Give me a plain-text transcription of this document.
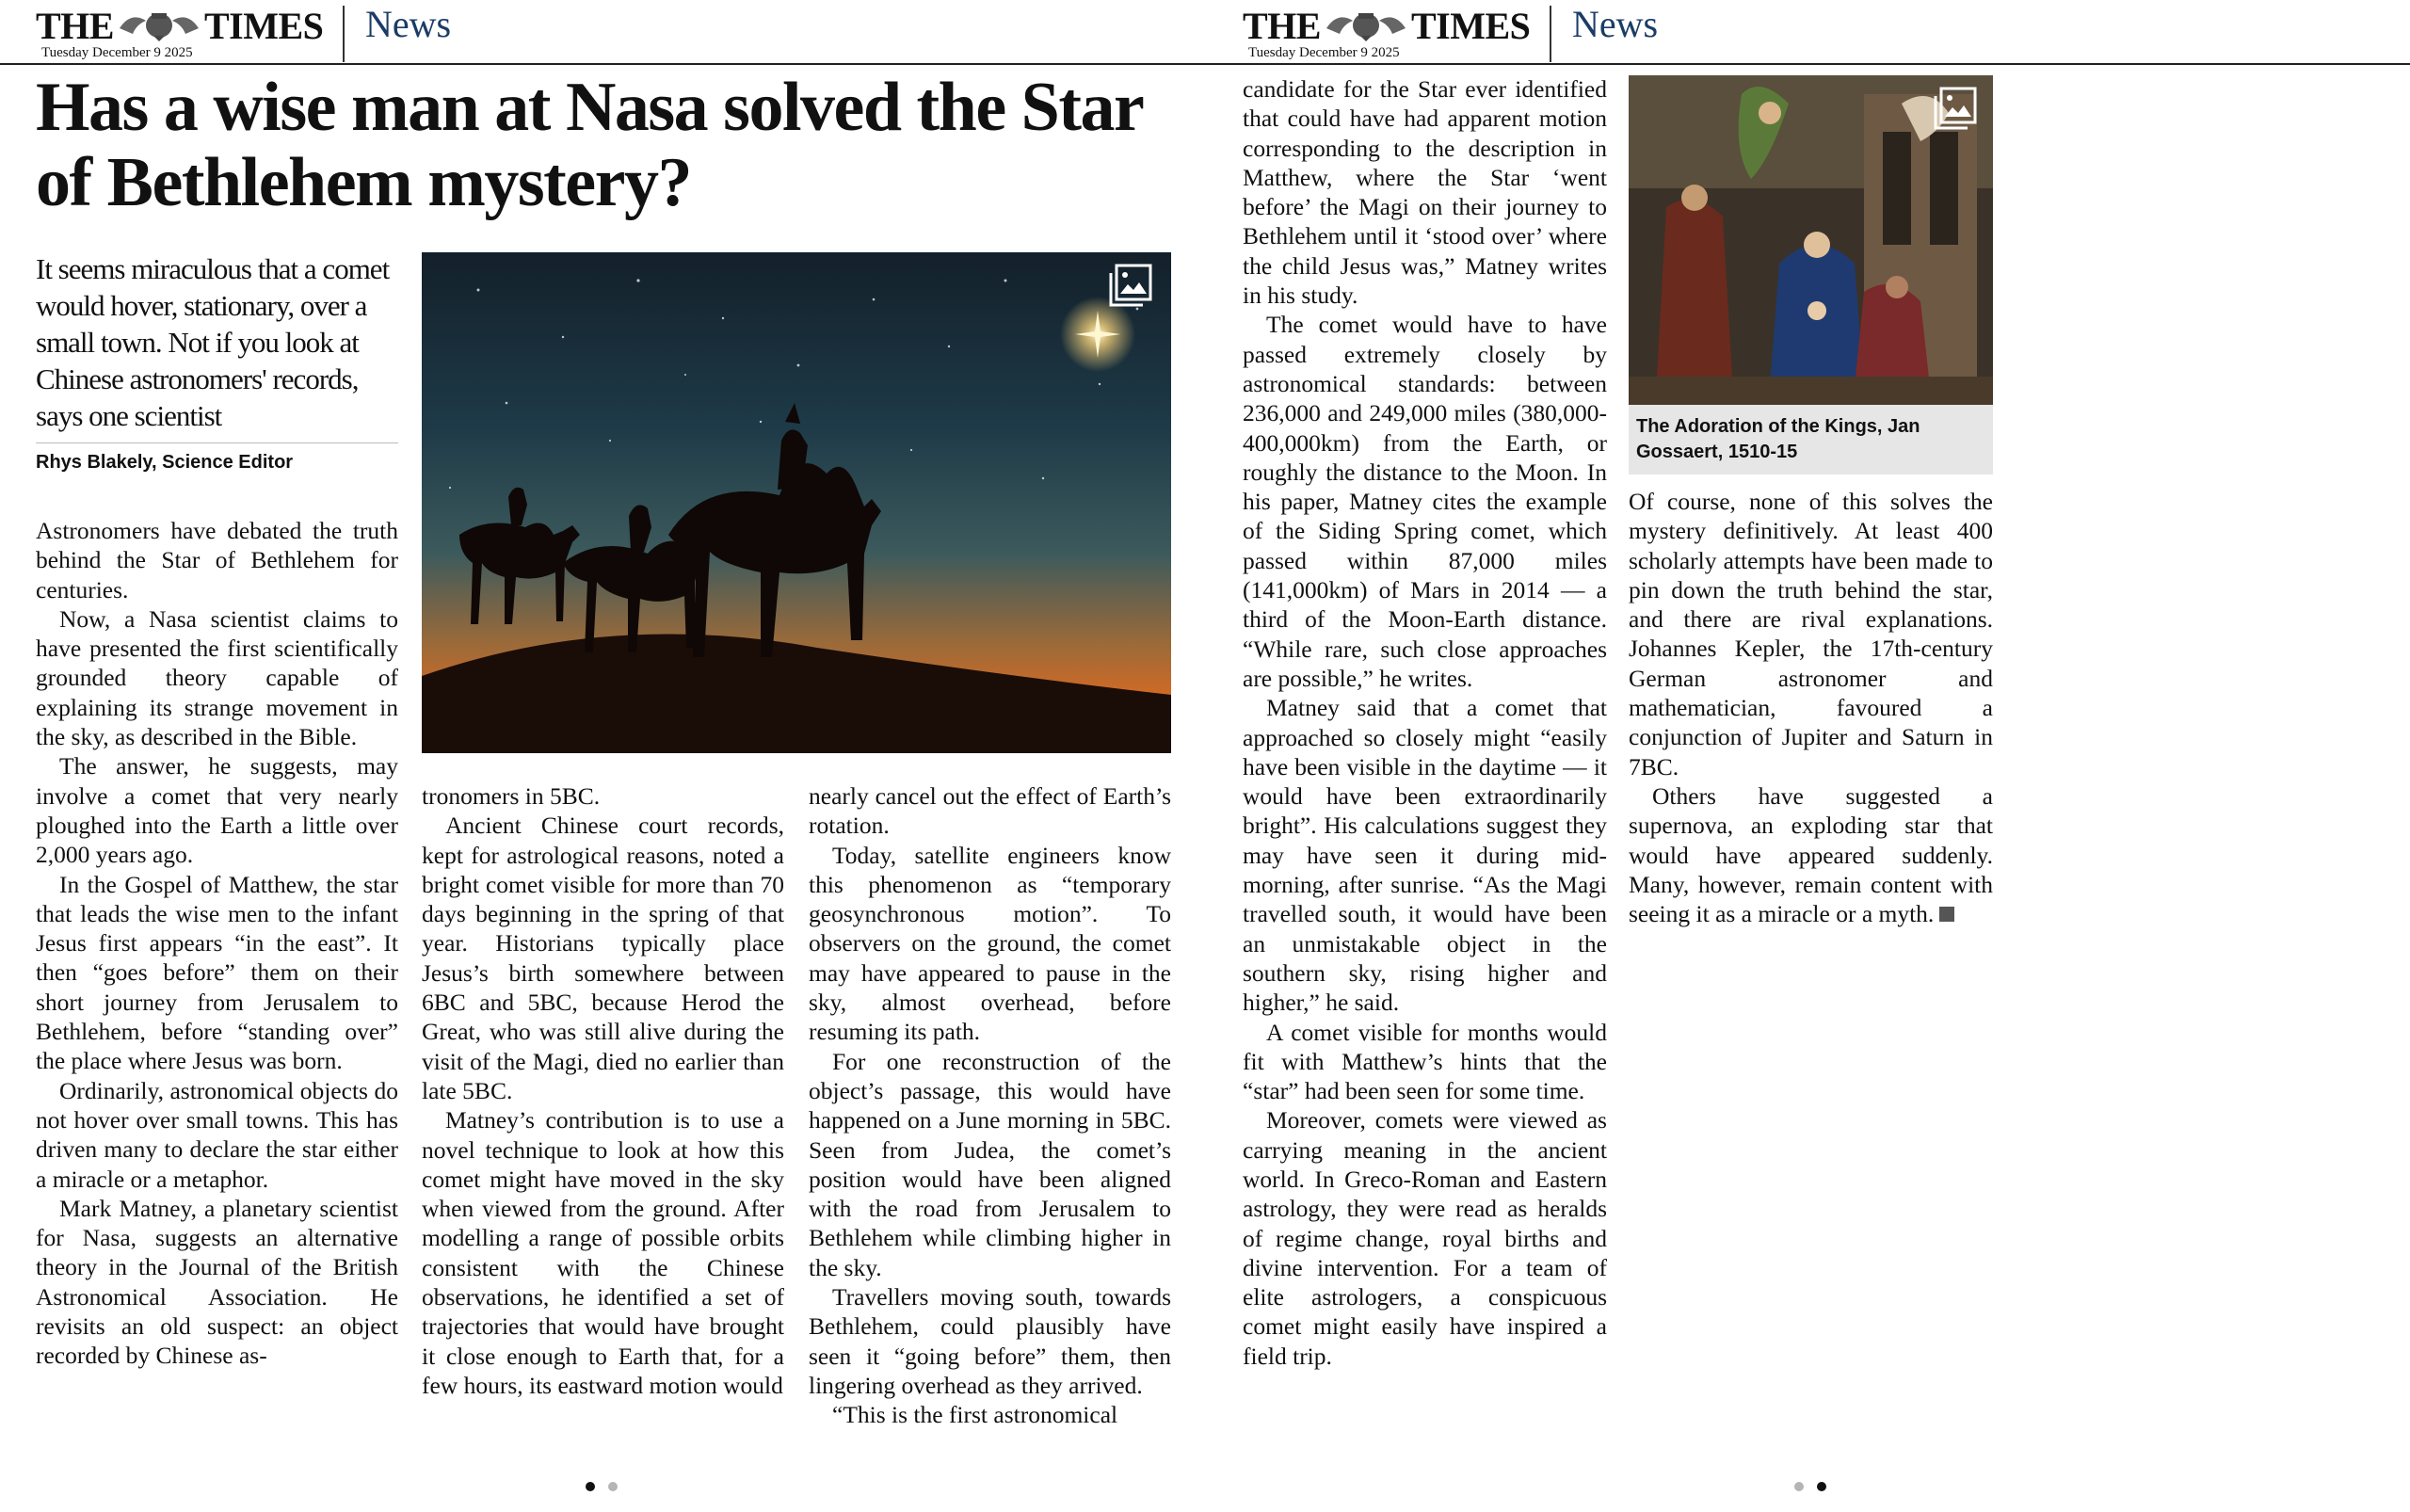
THE TIMES
Tuesday December 9 2025
News
Has a wise man at Nasa solved the Star of Bethlehem mystery?

It seems miraculous that a comet would hover, stationary, over a small town. Not if you look at Chinese astronomers' records, says one scientist

Rhys Blakely, Science Editor

Astronomers have debated the truth behind the Star of Bethlehem for centuries.

Now, a Nasa scientist claims to have presented the first scientifically grounded theory capable of explaining its strange movement in the sky, as described in the Bible.

The answer, he suggests, may involve a comet that very nearly ploughed into the Earth a little over 2,000 years ago.

In the Gospel of Matthew, the star that leads the wise men to the infant Jesus first appears “in the east”. It then “goes before” them on their short journey from Jerusalem to Bethlehem, before “standing over” the place where Jesus was born.

Ordinarily, astronomical objects do not hover over small towns. This has driven many to declare the star either a miracle or a metaphor.

Mark Matney, a planetary scientist for Nasa, suggests an alternative theory in the Journal of the British Astronomical Association. He revisits an old suspect: an object recorded by Chinese as-

tronomers in 5BC.

Ancient Chinese court records, kept for astrological reasons, noted a bright comet visible for more than 70 days beginning in the spring of that year. Historians typically place Jesus’s birth somewhere between 6BC and 5BC, because Herod the Great, who was still alive during the visit of the Magi, died no earlier than late 5BC.

Matney’s contribution is to use a novel technique to look at how this comet might have moved in the sky when viewed from the ground. After modelling a range of possible orbits consistent with the Chinese observations, he identified a set of trajectories that would have brought it close enough to Earth that, for a few hours, its eastward motion would

nearly cancel out the effect of Earth’s rotation.

Today, satellite engineers know this phenomenon as “temporary geosynchronous motion”. To observers on the ground, the comet may have appeared to pause in the sky, almost overhead, before resuming its path.

For one reconstruction of the object’s passage, this would have happened on a June morning in 5BC. Seen from Judea, the comet’s position would have been aligned with the road from Jerusalem to Bethlehem while climbing higher in the sky.

Travellers moving south, towards Bethlehem, could plausibly have seen it “going before” them, then lingering overhead as they arrived.

“This is the first astronomical

THE TIMES
Tuesday December 9 2025
News

candidate for the Star ever identified that could have had apparent motion corresponding to the description in Matthew, where the Star ‘went before’ the Magi on their journey to Bethlehem until it ‘stood over’ where the child Jesus was,” Matney writes in his study.

The comet would have to have passed extremely closely by astronomical standards: between 236,000 and 249,000 miles (380,000-400,000km) from the Earth, or roughly the distance to the Moon. In his paper, Matney cites the example of the Siding Spring comet, which passed within 87,000 miles (141,000km) of Mars in 2014 — a third of the Moon-Earth distance. “While rare, such close approaches are possible,” he writes.

Matney said that a comet that approached so closely might “easily have been visible in the daytime — it would have been extraordinarily bright”. His calculations suggest they may have seen it during mid-morning, after sunrise. “As the Magi travelled south, it would have been an unmistakable object in the southern sky, rising higher and higher,” he said.

A comet visible for months would fit with Matthew’s hints that the “star” had been seen for some time.

Moreover, comets were viewed as carrying meaning in the ancient world. In Greco-Roman and Eastern astrology, they were read as heralds of regime change, royal births and divine intervention. For a team of elite astrologers, a conspicuous comet might easily have inspired a field trip.

The Adoration of the Kings, Jan Gossaert, 1510-15

Of course, none of this solves the mystery definitively. At least 400 scholarly attempts have been made to pin down the truth behind the star, and there are rival explanations. Johannes Kepler, the 17th-century German astronomer and mathematician, favoured a conjunction of Jupiter and Saturn in 7BC.

Others have suggested a supernova, an exploding star that would have appeared suddenly. Many, however, remain content with seeing it as a miracle or a myth.
